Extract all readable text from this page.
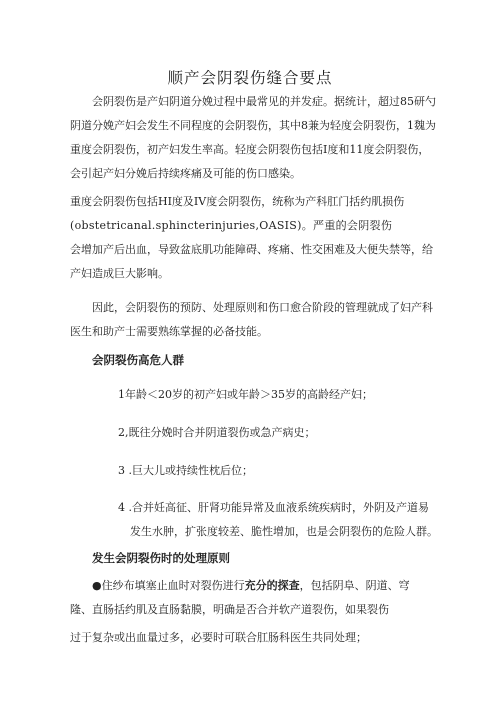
顺产会阴裂伤缝合要点
会阴裂伤是产妇阴道分娩过程中最常见的并发症。据统计，超过85研勺
阴道分娩产妇会发生不同程度的会阴裂伤，其中8兼为轻度会阴裂伤，1魏为
重度会阴裂伤，初产妇发生率高。轻度会阴裂伤包括I度和11度会阴裂伤，
会引起产妇分娩后持续疼痛及可能的伤口感染。
重度会阴裂伤包括HI度及IV度会阴裂伤，统称为产科肛门括约肌损伤
(obstetricanal.sphincterinjuries,OASIS)。严重的会阴裂伤
会增加产后出血，导致盆底肌功能障碍、疼痛、性交困难及大便失禁等，给
产妇造成巨大影响。
因此，会阴裂伤的预防、处理原则和伤口愈合阶段的管理就成了妇产科
医生和助产士需要熟练掌握的必备技能。
会阴裂伤高危人群
1年龄＜20岁的初产妇或年龄＞35岁的高龄经产妇；
2,既往分娩时合并阴道裂伤或急产病史；
3 .巨大儿或持续性枕后位；
4 .合并妊高征、肝肾功能异常及血液系统疾病时，外阴及产道易
发生水肿，扩张度较差、脆性增加，也是会阴裂伤的危险人群。
发生会阴裂伤时的处理原则
●住纱布填塞止血时对裂伤进行充分的探查，包括阴阜、阴道、穹
隆、直肠括约肌及直肠黏膜，明确是否合并软产道裂伤，如果裂伤
过于复杂或出血量过多，必要时可联合肛肠科医生共同处理；
